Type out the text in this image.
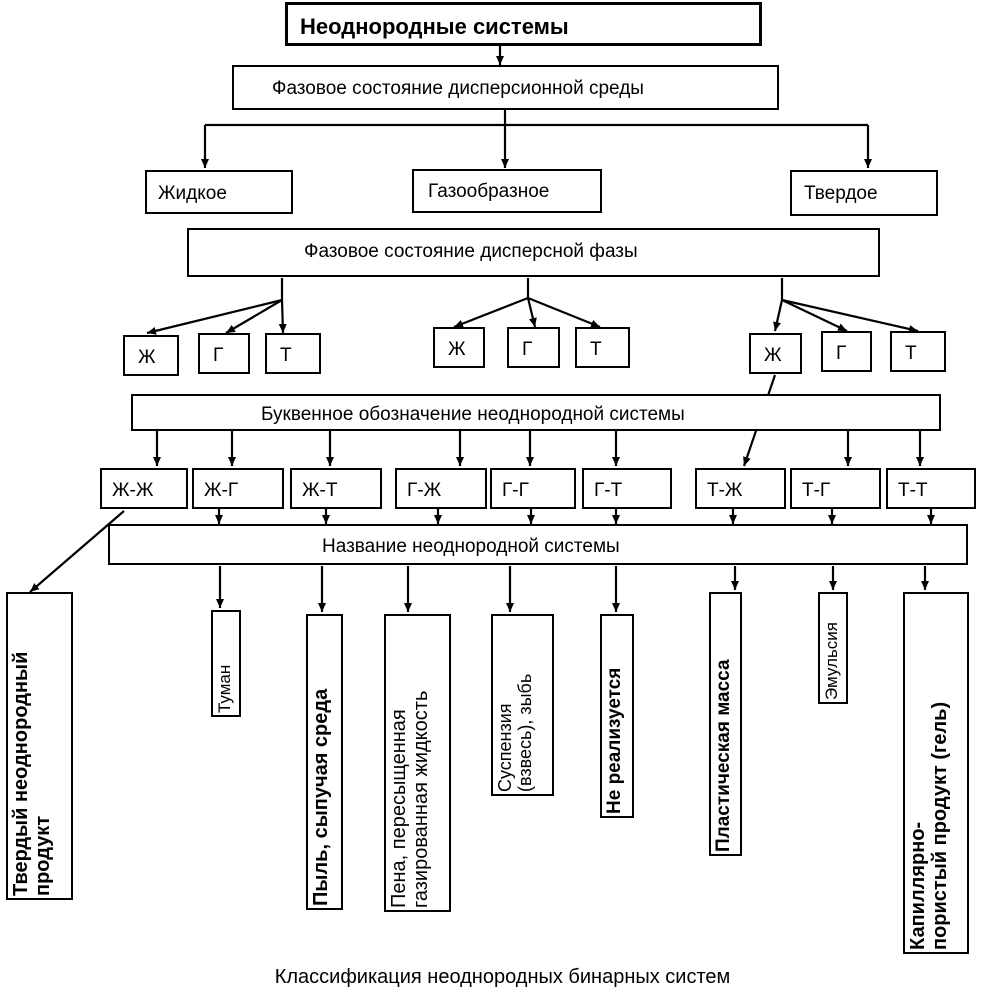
Неоднородные системы
Фазовое состояние дисперсионной среды
Жидкое	Газообразное	Твердое
Фазовое состояние дисперсной фазы
Ж	Г	Т	Ж	Г	Т	Ж	Г	Т
Буквенное обозначение неоднородной системы
Ж-Ж	Ж-Г	Ж-Т	Г-Ж	Г-Г	Г-Т	Т-Ж	Т-Г	Т-Т
Название неоднородной системы
Твердый неоднородный продукт
Туман	Пыль, сыпучая среда	Пена, пересыщенная газированная жидкость	Суспензия (взвесь), зыбь	Не реализуется	Пластическая масса	Эмульсия
Капиллярно- пористый продукт (гель)
Классификация неоднородных бинарных систем
